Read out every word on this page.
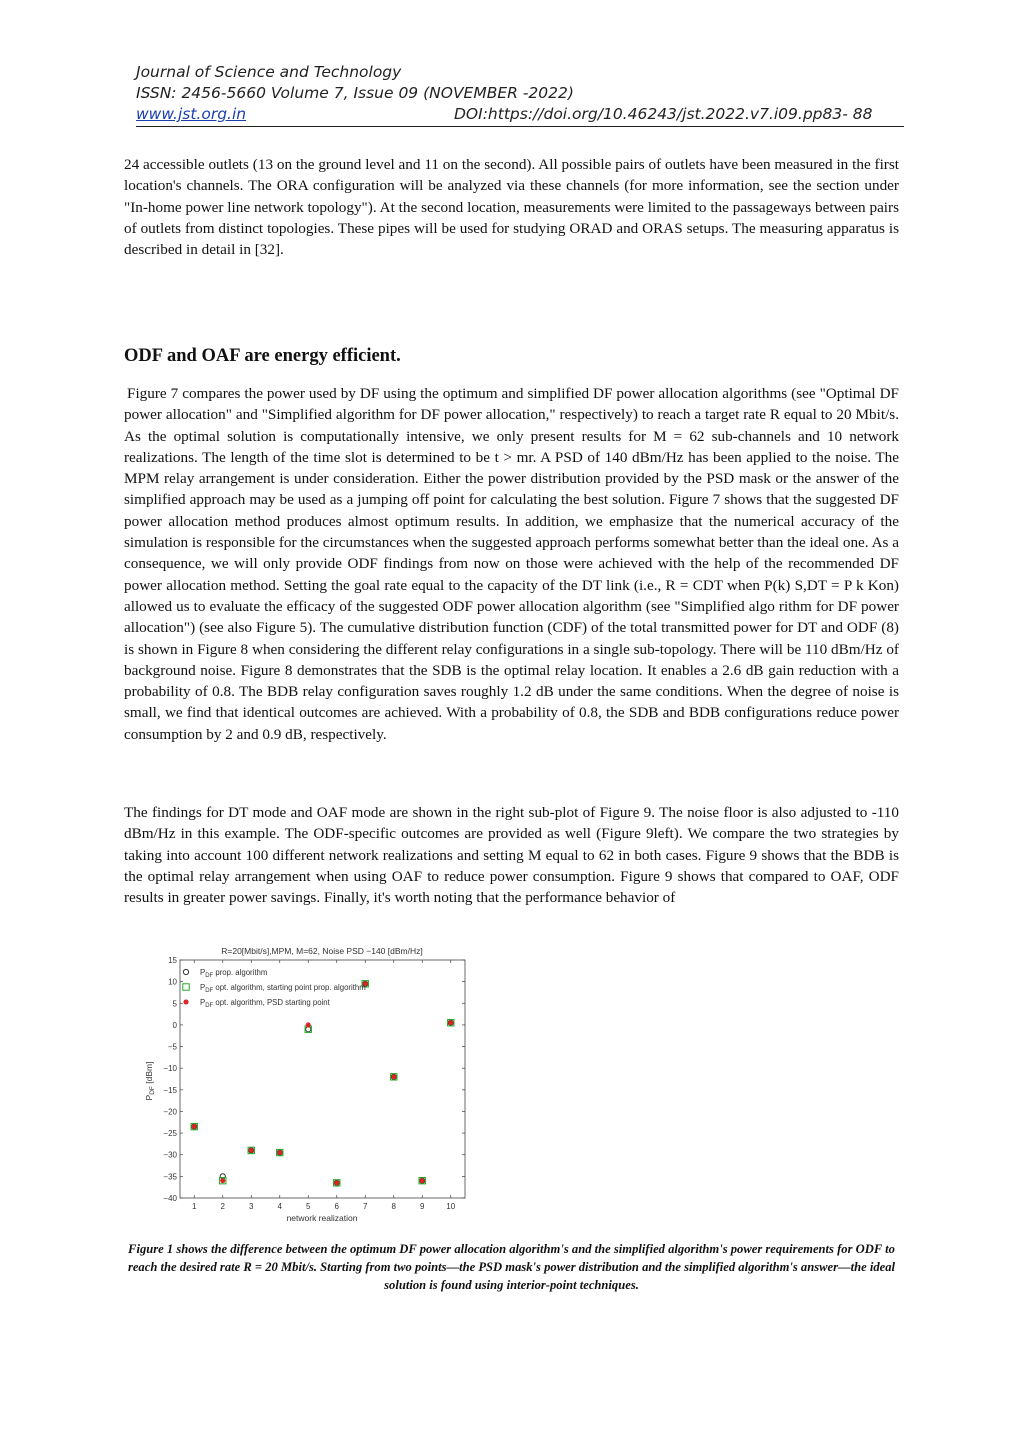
Journal of Science and Technology
ISSN: 2456-5660 Volume 7, Issue 09 (NOVEMBER -2022)
www.jst.org.in	DOI:https://doi.org/10.46243/jst.2022.v7.i09.pp83- 88

24 accessible outlets (13 on the ground level and 11 on the second). All possible pairs of outlets have been measured in the first location's channels. The ORA configuration will be analyzed via these channels (for more information, see the section under "In-home power line network topology"). At the second location, measurements were limited to the passageways between pairs of outlets from distinct topologies. These pipes will be used for studying ORAD and ORAS setups. The measuring apparatus is described in detail in [32].

ODF and OAF are energy efficient.

Figure 7 compares the power used by DF using the optimum and simplified DF power allocation algorithms (see "Optimal DF power allocation" and "Simplified algorithm for DF power allocation," respectively) to reach a target rate R equal to 20 Mbit/s. As the optimal solution is computationally intensive, we only present results for M = 62 sub-channels and 10 network realizations. The length of the time slot is determined to be t > mr. A PSD of 140 dBm/Hz has been applied to the noise. The MPM relay arrangement is under consideration. Either the power distribution provided by the PSD mask or the answer of the simplified approach may be used as a jumping off point for calculating the best solution. Figure 7 shows that the suggested DF power allocation method produces almost optimum results. In addition, we emphasize that the numerical accuracy of the simulation is responsible for the circumstances when the suggested approach performs somewhat better than the ideal one. As a consequence, we will only provide ODF findings from now on those were achieved with the help of the recommended DF power allocation method. Setting the goal rate equal to the capacity of the DT link (i.e., R = CDT when P(k) S,DT = P k Kon) allowed us to evaluate the efficacy of the suggested ODF power allocation algorithm (see "Simplified algo rithm for DF power allocation") (see also Figure 5). The cumulative distribution function (CDF) of the total transmitted power for DT and ODF (8) is shown in Figure 8 when considering the different relay configurations in a single sub-topology. There will be 110 dBm/Hz of background noise. Figure 8 demonstrates that the SDB is the optimal relay location. It enables a 2.6 dB gain reduction with a probability of 0.8. The BDB relay configuration saves roughly 1.2 dB under the same conditions. When the degree of noise is small, we find that identical outcomes are achieved. With a probability of 0.8, the SDB and BDB configurations reduce power consumption by 2 and 0.9 dB, respectively.

The findings for DT mode and OAF mode are shown in the right sub-plot of Figure 9. The noise floor is also adjusted to -110 dBm/Hz in this example. The ODF-specific outcomes are provided as well (Figure 9left). We compare the two strategies by taking into account 100 different network realizations and setting M equal to 62 in both cases. Figure 9 shows that the BDB is the optimal relay arrangement when using OAF to reduce power consumption. Figure 9 shows that compared to OAF, ODF results in greater power savings. Finally, it's worth noting that the performance behavior of

R=20[Mbit/s],MPM, M=62, Noise PSD −140 [dBm/Hz]
1	2	3	4	5	6	7	8	9	10
15
10
5
0
−5
−10
−15
−20
−25
−30
−35
−40
$P_{DF}$ prop. algorithm
$P_{DF}$ opt. algorithm, starting point prop. algorithm
$P_{DF}$ opt. algorithm, PSD starting point
network realization
$P_{DF}$ [dBm]

Figure 1 shows the difference between the optimum DF power allocation algorithm's and the simplified algorithm's power requirements for ODF to reach the desired rate R = 20 Mbit/s. Starting from two points—the PSD mask's power distribution and the simplified algorithm's answer—the ideal solution is found using interior-point techniques.
